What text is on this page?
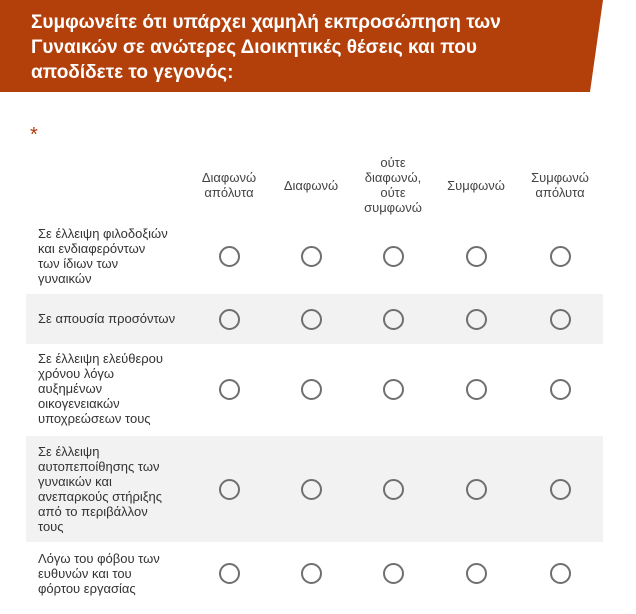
Συμφωνείτε ότι υπάρχει χαμηλή εκπροσώπηση των
Γυναικών σε ανώτερες Διοικητικές θέσεις και που
αποδίδετε το γεγονός:
*
Διαφωνώ
απόλυτα	Διαφωνώ
ούτε
διαφωνώ,
ούτε
συμφωνώ
Συμφωνώ	Συμφωνώ
απόλυτα
Σε έλλειψη φιλοδοξιών
και ενδιαφερόντων
των ίδιων των
γυναικών
Σε απουσία προσόντων
Σε έλλειψη ελεύθερου
χρόνου λόγω
αυξημένων
οικογενειακών
υποχρεώσεων τους
Σε έλλειψη
αυτοπεποίθησης των
γυναικών και
ανεπαρκούς στήριξης
από το περιβάλλον
τους
Λόγω του φόβου των
ευθυνών και του
φόρτου εργασίας
